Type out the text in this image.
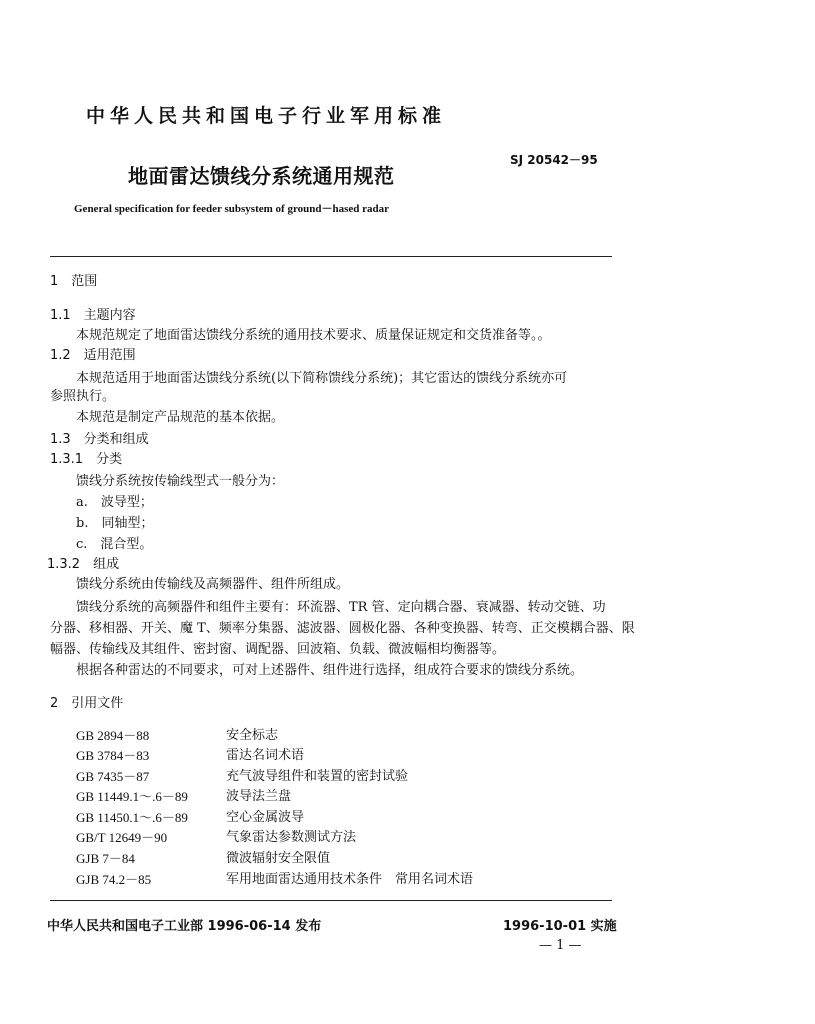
中华人民共和国电子行业军用标准
地面雷达馈线分系统通用规范
SJ 20542－95
General specification for feeder subsystem of ground－hased radar
1　范围
1.1　主题内容
本规范规定了地面雷达馈线分系统的通用技术要求、质量保证规定和交货准备等。。
1.2　适用范围
本规范适用于地面雷达馈线分系统(以下简称馈线分系统)；其它雷达的馈线分系统亦可
参照执行。
本规范是制定产品规范的基本依据。
1.3　分类和组成
1.3.1　分类
馈线分系统按传输线型式一般分为：
a.　波导型；
b.　同轴型；
c.　混合型。
1.3.2　组成
馈线分系统由传输线及高频器件、组件所组成。
馈线分系统的高频器件和组件主要有：环流器、TR 管、定向耦合器、衰减器、转动交链、功
分器、移相器、开关、魔 T、频率分集器、滤波器、圆极化器、各种变换器、转弯、正交模耦合器、限
幅器、传输线及其组件、密封窗、调配器、回波箱、负载、微波幅相均衡器等。
根据各种雷达的不同要求，可对上述器件、组件进行选择，组成符合要求的馈线分系统。
2　引用文件
GB 2894－88	安全标志
GB 3784－83	雷达名词术语
GB 7435－87	充气波导组件和装置的密封试验
GB 11449.1～.6－89	波导法兰盘
GB 11450.1～.6－89	空心金属波导
GB/T 12649－90	气象雷达参数测试方法
GJB 7－84	微波辐射安全限值
GJB 74.2－85	军用地面雷达通用技术条件　常用名词术语
中华人民共和国电子工业部 1996-06-14 发布	1996-10-01 实施
— 1 —
